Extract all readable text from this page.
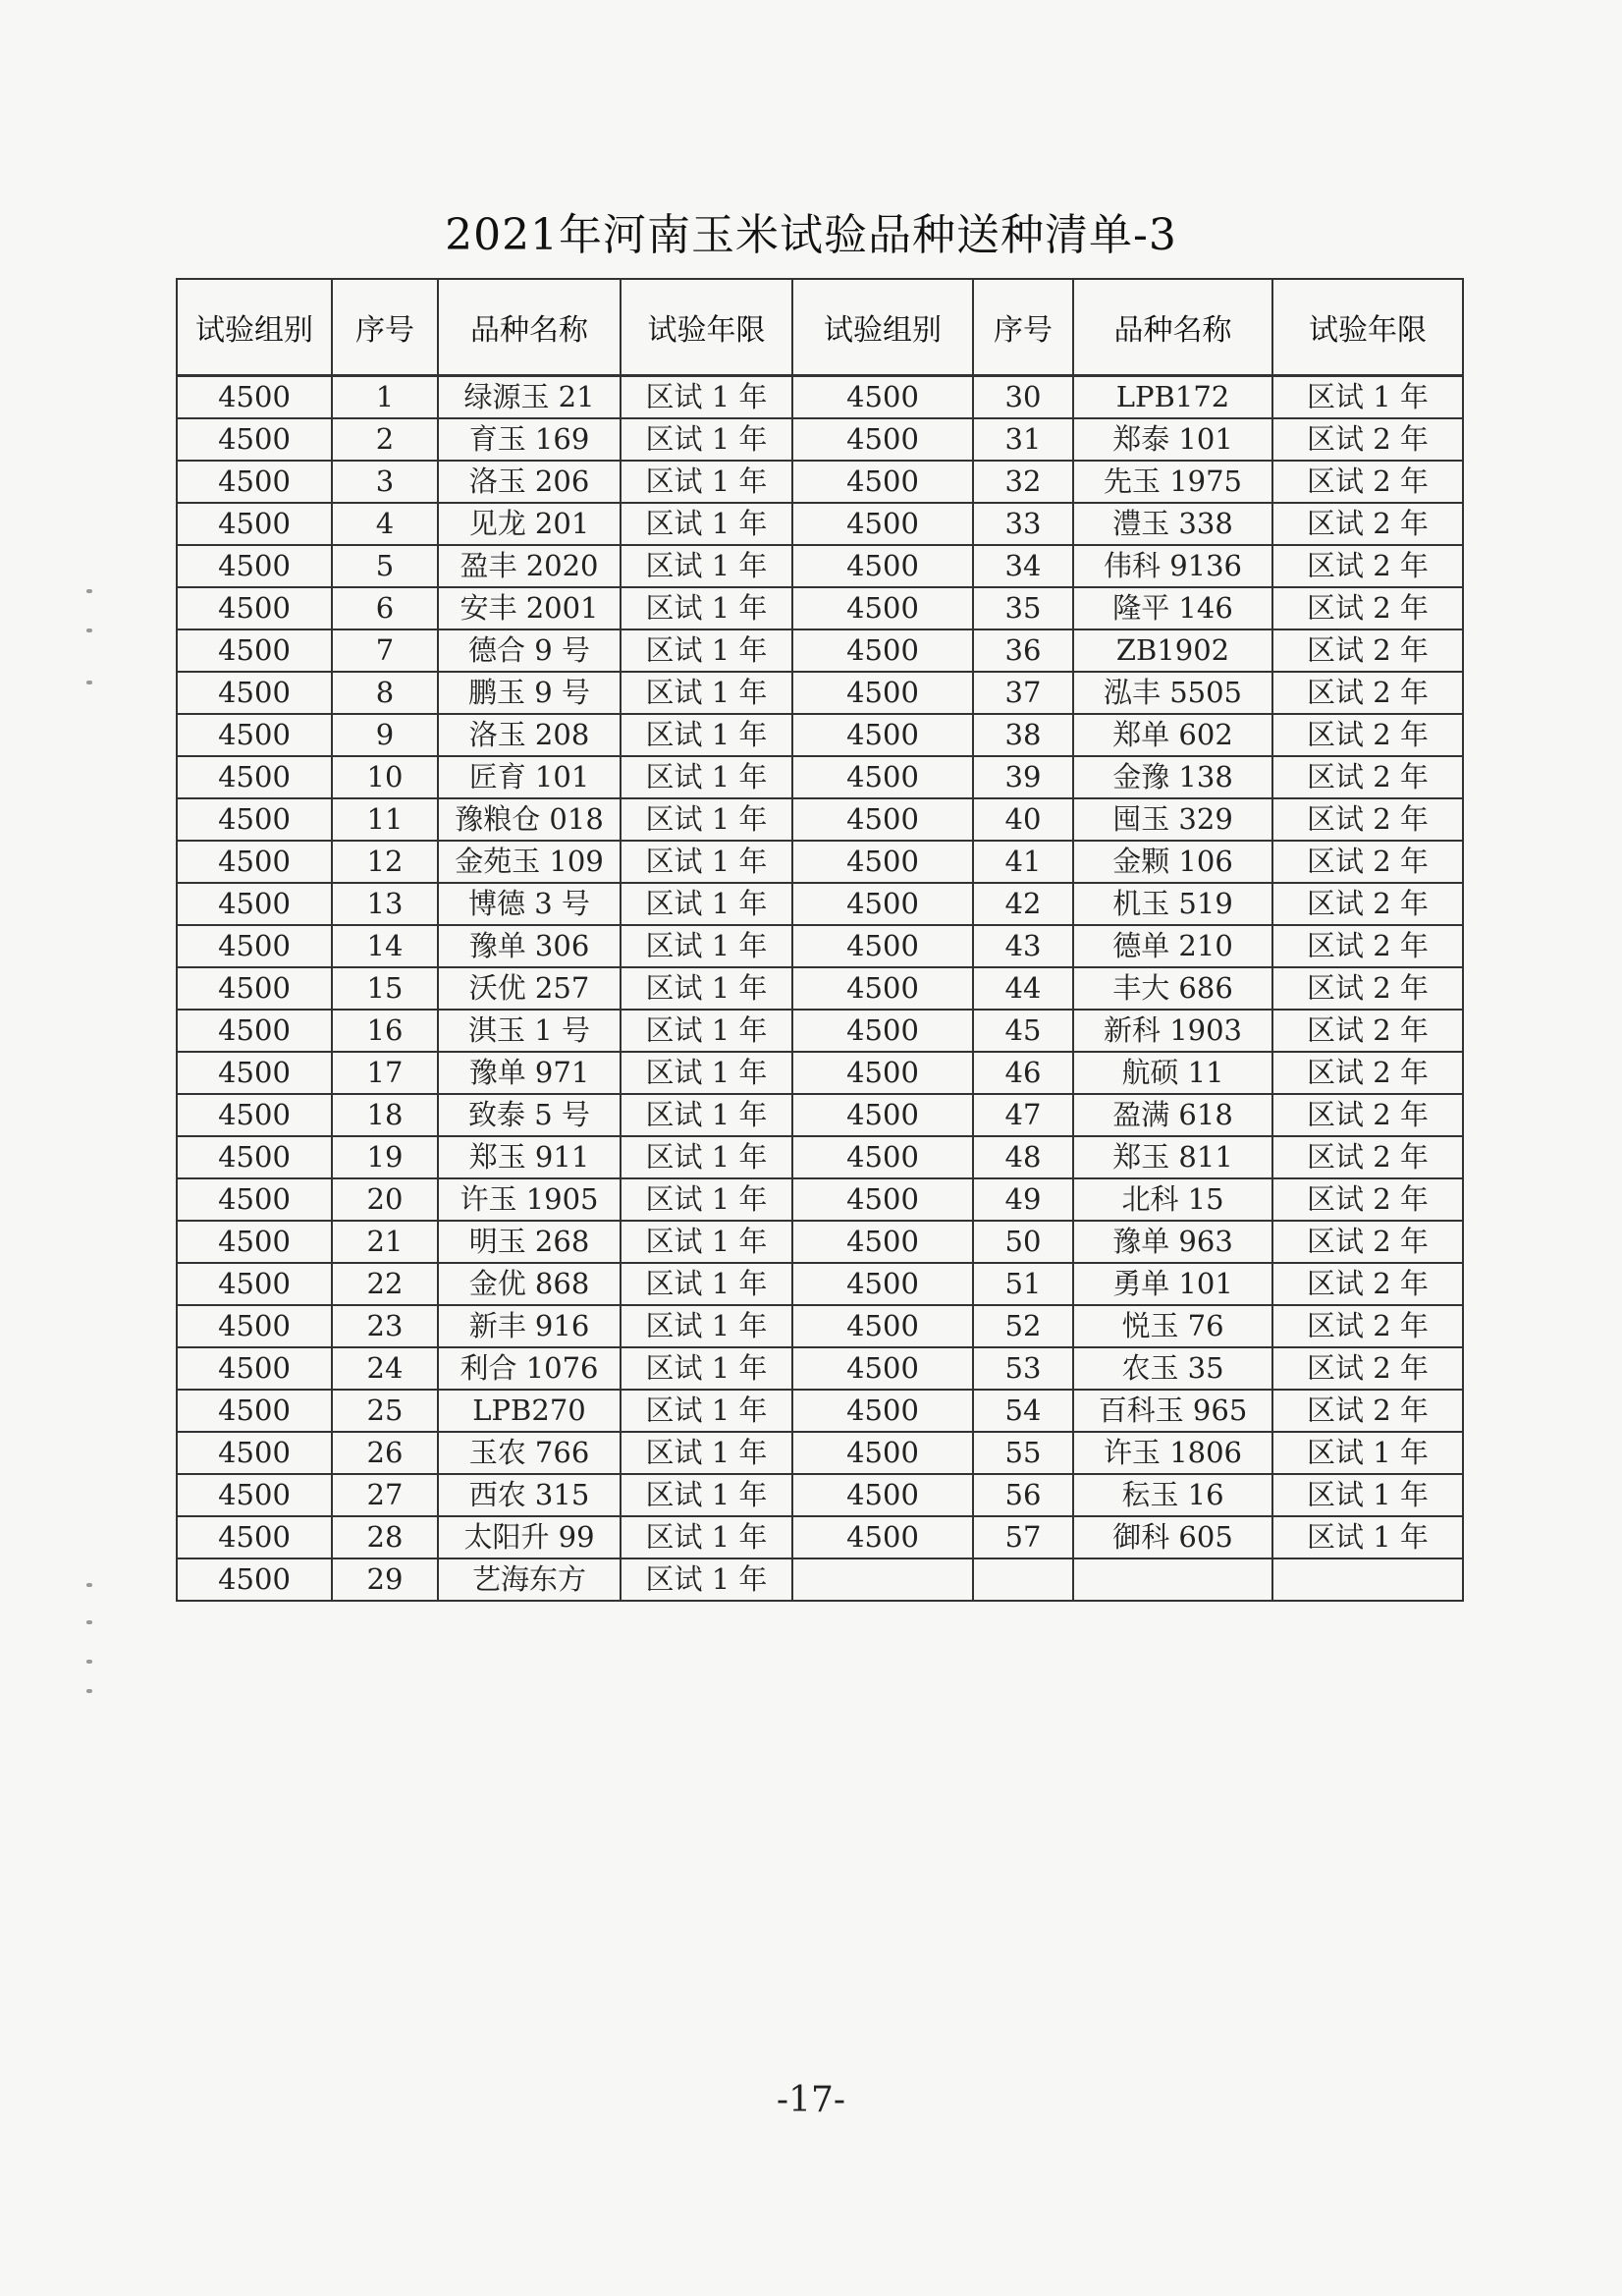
2021年河南玉米试验品种送种清单-3
试验组别	序号	品种名称	试验年限	试验组别	序号	品种名称	试验年限
4500	1	绿源玉 21	区试 1 年	4500	30	LPB172	区试 1 年
4500	2	育玉 169	区试 1 年	4500	31	郑泰 101	区试 2 年
4500	3	洛玉 206	区试 1 年	4500	32	先玉 1975	区试 2 年
4500	4	见龙 201	区试 1 年	4500	33	澧玉 338	区试 2 年
4500	5	盈丰 2020	区试 1 年	4500	34	伟科 9136	区试 2 年
4500	6	安丰 2001	区试 1 年	4500	35	隆平 146	区试 2 年
4500	7	德合 9 号	区试 1 年	4500	36	ZB1902	区试 2 年
4500	8	鹏玉 9 号	区试 1 年	4500	37	泓丰 5505	区试 2 年
4500	9	洛玉 208	区试 1 年	4500	38	郑单 602	区试 2 年
4500	10	匠育 101	区试 1 年	4500	39	金豫 138	区试 2 年
4500	11	豫粮仓 018	区试 1 年	4500	40	囤玉 329	区试 2 年
4500	12	金苑玉 109	区试 1 年	4500	41	金颗 106	区试 2 年
4500	13	博德 3 号	区试 1 年	4500	42	机玉 519	区试 2 年
4500	14	豫单 306	区试 1 年	4500	43	德单 210	区试 2 年
4500	15	沃优 257	区试 1 年	4500	44	丰大 686	区试 2 年
4500	16	淇玉 1 号	区试 1 年	4500	45	新科 1903	区试 2 年
4500	17	豫单 971	区试 1 年	4500	46	航硕 11	区试 2 年
4500	18	致泰 5 号	区试 1 年	4500	47	盈满 618	区试 2 年
4500	19	郑玉 911	区试 1 年	4500	48	郑玉 811	区试 2 年
4500	20	许玉 1905	区试 1 年	4500	49	北科 15	区试 2 年
4500	21	明玉 268	区试 1 年	4500	50	豫单 963	区试 2 年
4500	22	金优 868	区试 1 年	4500	51	勇单 101	区试 2 年
4500	23	新丰 916	区试 1 年	4500	52	悦玉 76	区试 2 年
4500	24	利合 1076	区试 1 年	4500	53	农玉 35	区试 2 年
4500	25	LPB270	区试 1 年	4500	54	百科玉 965	区试 2 年
4500	26	玉农 766	区试 1 年	4500	55	许玉 1806	区试 1 年
4500	27	西农 315	区试 1 年	4500	56	秐玉 16	区试 1 年
4500	28	太阳升 99	区试 1 年	4500	57	御科 605	区试 1 年
4500	29	艺海东方	区试 1 年				
-17-
